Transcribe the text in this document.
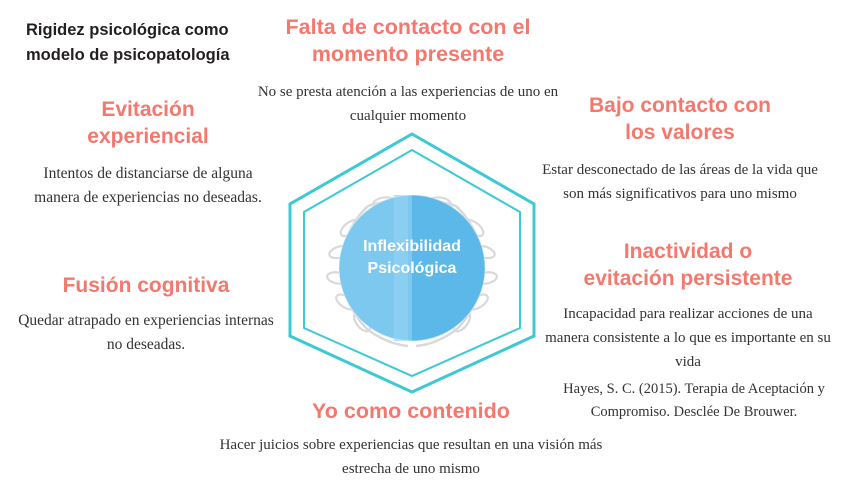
Rigidez psicológica como modelo de psicopatología
Inflexibilidad
Psicológica
Evitación
experiencial
Intentos de distanciarse de alguna manera de experiencias no deseadas.
Fusión cognitiva
Quedar atrapado en experiencias internas no deseadas.
Falta de contacto con el
momento presente
No se presta atención a las experiencias de uno en cualquier momento	Bajo contacto con
los valores
Estar desconectado de las áreas de la vida que son más significativos para uno mismo
Inactividad o
evitación persistente
Incapacidad para realizar acciones de una manera consistente a lo que es importante en su vida
Hayes, S. C. (2015). Terapia de Aceptación y Compromiso. Desclée De Brouwer.
Yo como contenido
Hacer juicios sobre experiencias que resultan en una visión más estrecha de uno mismo
